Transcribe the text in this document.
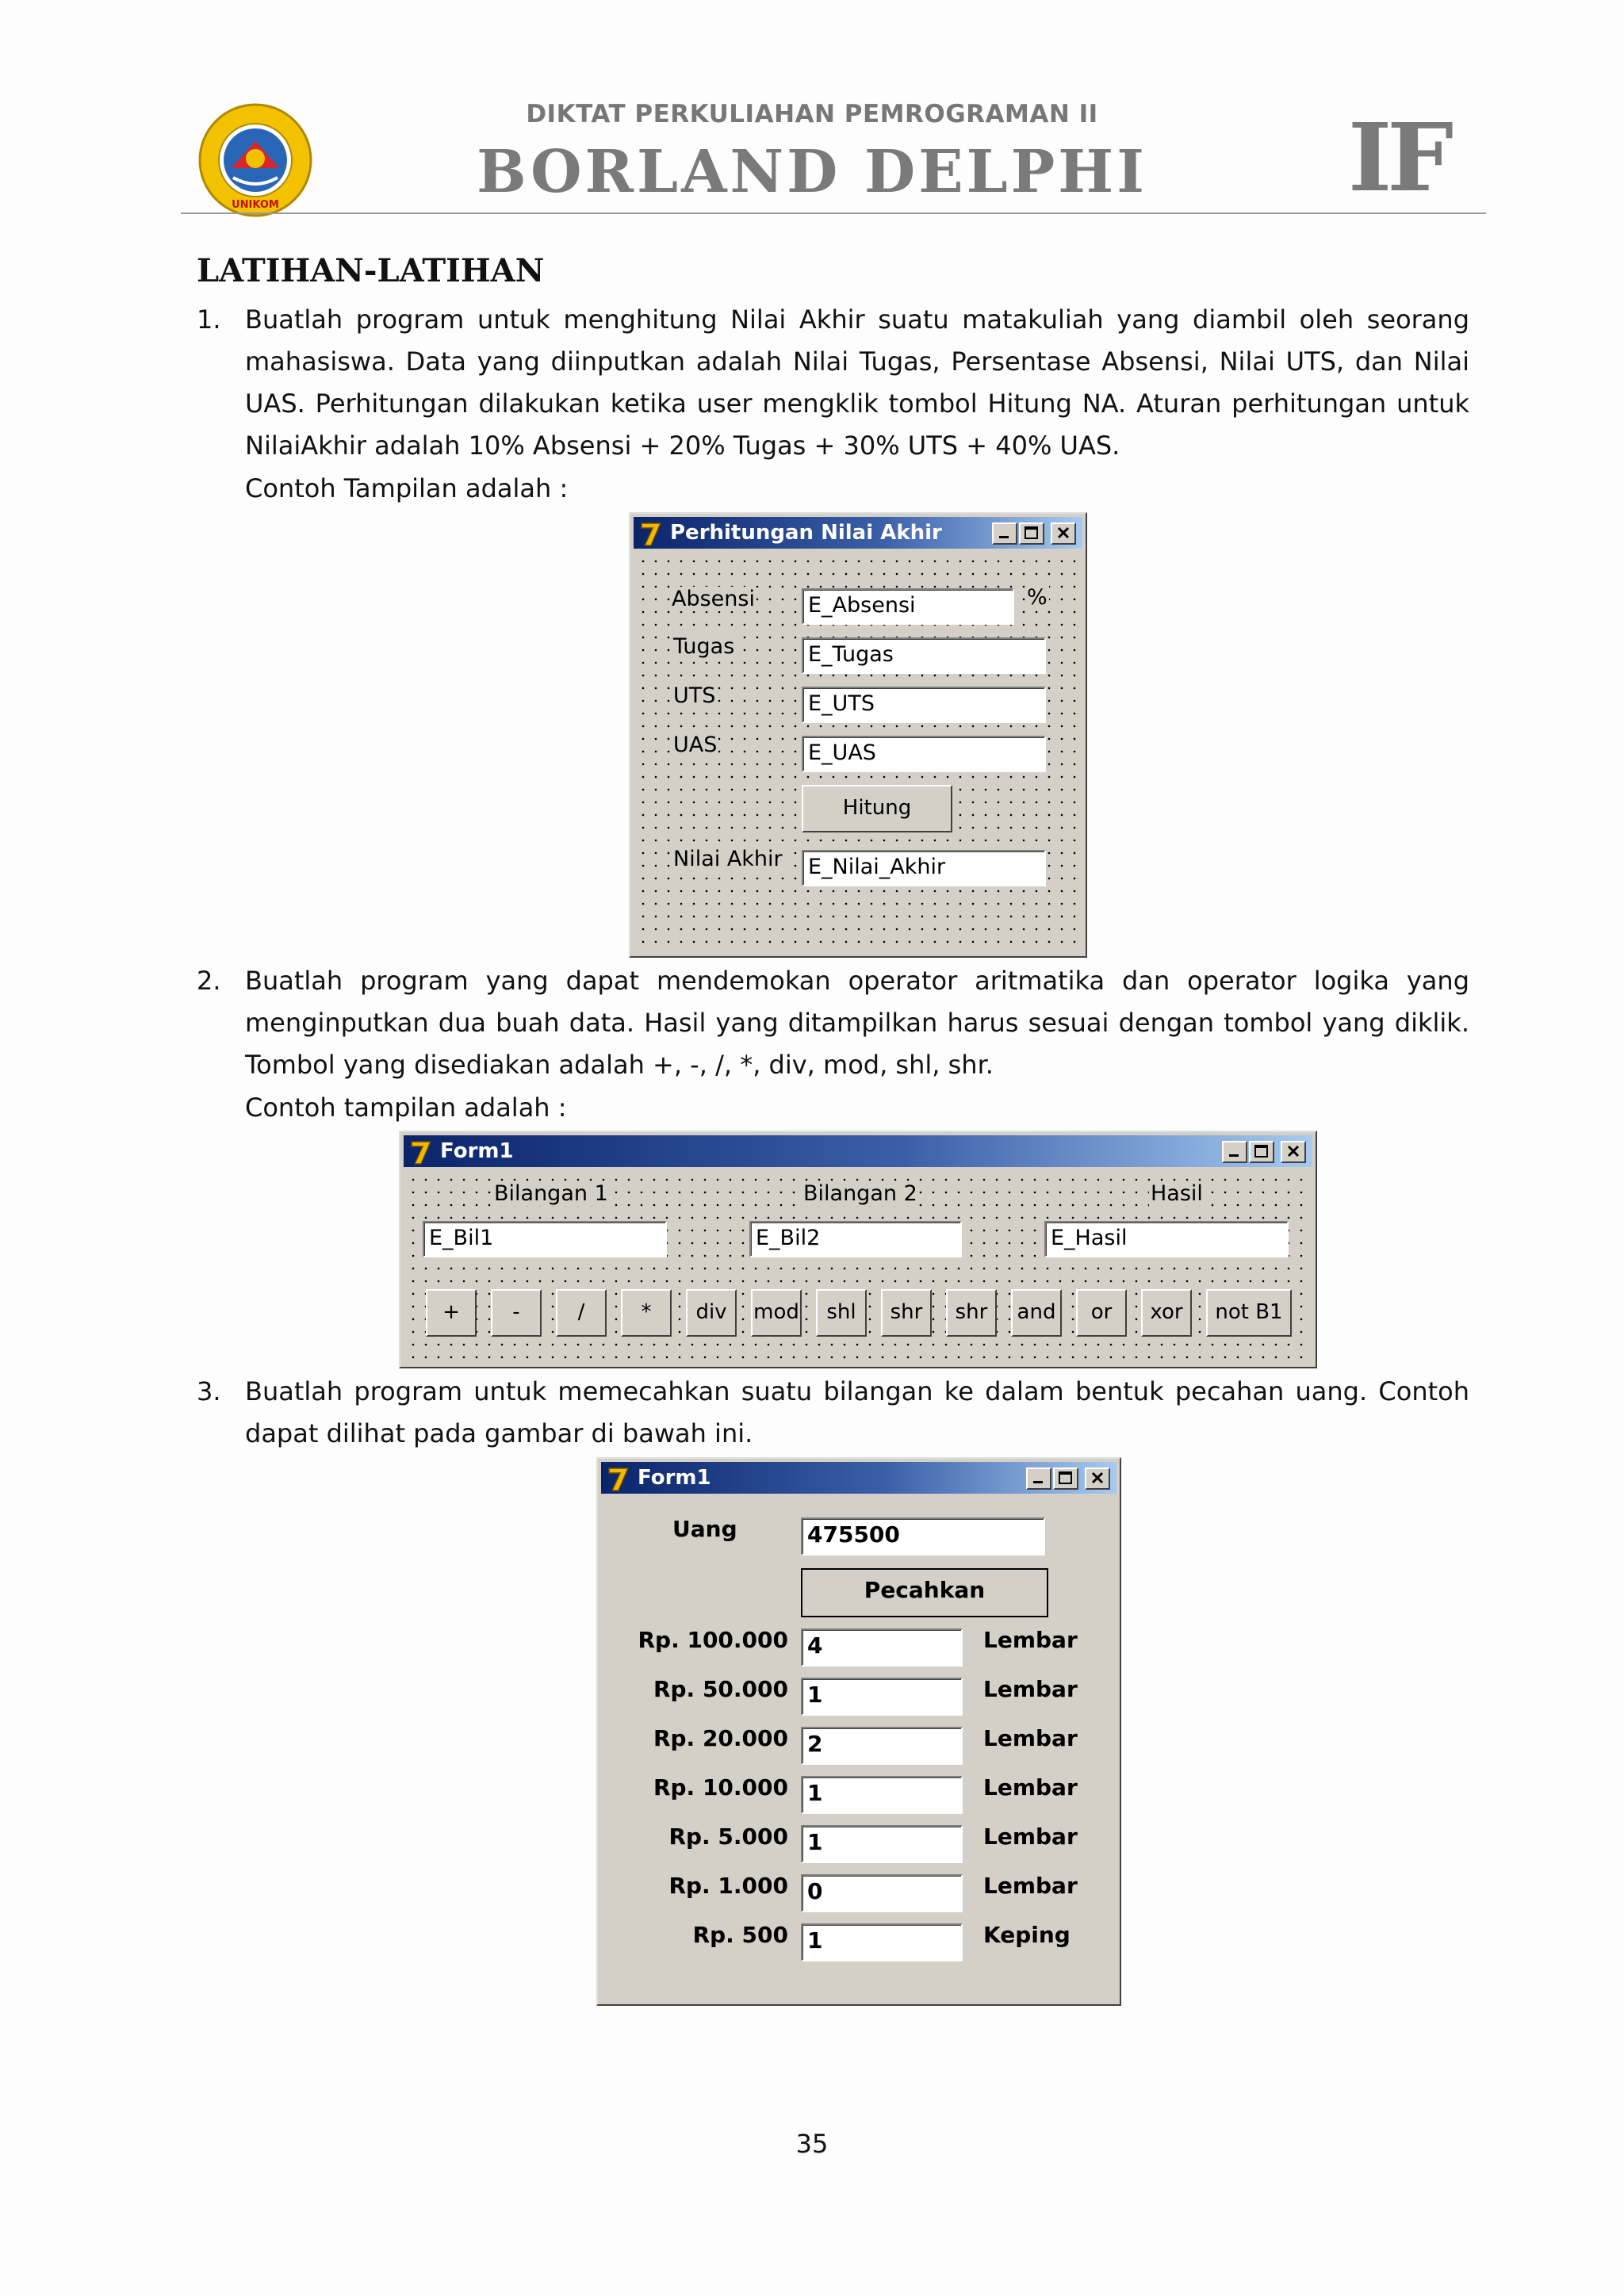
UNIKOM
DIKTAT PERKULIAHAN PEMROGRAMAN II
BORLAND DELPHI	IF
LATIHAN-LATIHAN
1. Buatlah program untuk menghitung Nilai Akhir suatu matakuliah yang diambil oleh seorang mahasiswa. Data yang diinputkan adalah Nilai Tugas, Persentase Absensi, Nilai UTS, dan Nilai UAS. Perhitungan dilakukan ketika user mengklik tombol Hitung NA. Aturan perhitungan untuk NilaiAkhir adalah 10% Absensi + 20% Tugas + 30% UTS + 40% UAS.
Contoh Tampilan adalah :
Perhitungan Nilai Akhir
Absensi E_Absensi	%
Tugas	E_Tugas
UTS	E_UTS
UAS	E_UAS
Hitung
Nilai Akhir E_Nilai_Akhir
2. Buatlah program yang dapat mendemokan operator aritmatika dan operator logika yang menginputkan dua buah data. Hasil yang ditampilkan harus sesuai dengan tombol yang diklik. Tombol yang disediakan adalah +, -, /, *, div, mod, shl, shr.
Contoh tampilan adalah :
Form1
Bilangan 1	Bilangan 2	Hasil
E_Bil1	E_Bil2	E_Hasil
+	-	/	*	div	mod	shl	shr	shr	and	or	xor	not B1
3. Buatlah program untuk memecahkan suatu bilangan ke dalam bentuk pecahan uang. Contoh dapat dilihat pada gambar di bawah ini.
Form1
Uang	475500
Pecahkan
Rp. 100.000 4	Lembar
Rp. 50.000 1	Lembar
Rp. 20.000 2	Lembar
Rp. 10.000 1	Lembar
Rp. 5.000 1	Lembar
Rp. 1.000 0	Lembar
Rp. 500 1	Keping
35
